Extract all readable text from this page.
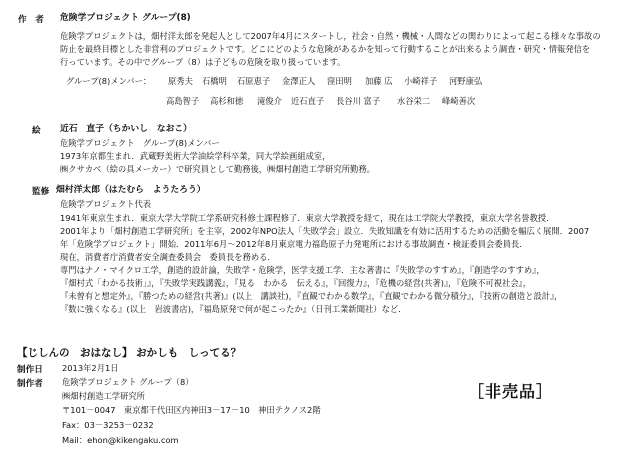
作　者 危険学プロジェクト グループ(8)
危険学プロジェクトは，畑村洋太郎を発起人として2007年4月にスタートし，社会・自然・機械・人間などの関わりによって起こる様々な事故の
防止を最終目標とした非営利のプロジェクトです。どこにどのような危険があるかを知って行動することが出来るよう調査・研究・情報発信を
行っています。その中でグループ（8）は子どもの危険を取り扱っています。
グループ(8)メンバー： 原秀夫 石橋明 石原恵子 金澤正人 窪田明 加藤 広 小崎祥子 河野康弘
高島智子 高杉和徳 滝俊介 近石直子 長谷川 富子 水谷栄二 峰崎善次
絵 近石　直子（ちかいし　なおこ）
危険学プロジェクト　グループ(8)メンバー
1973年京都生まれ．武蔵野美術大学油絵学科卒業，同大学絵画組成室，
㈱クサカベ（絵の具メーカー）で研究員として勤務後，㈱畑村創造工学研究所勤務。
監修 畑村洋太郎（はたむら　ようたろう）
危険学プロジェクト代表
1941年東京生まれ．東京大学大学院工学系研究科修士課程修了．東京大学教授を経て，現在は工学院大学教授，東京大学名誉教授．
2001年より「畑村創造工学研究所」を主宰，2002年NPO法人「失敗学会」設立．失敗知識を有効に活用するための活動を幅広く展開．2007
年「危険学プロジェクト」開始．2011年6月～2012年8月東京電力福島原子力発電所における事故調査・検証委員会委員長．
現在，消費者庁消費者安全調査委員会　委員長を務める．
専門はナノ・マイクロ工学，創造的設計論，失敗学・危険学，医学支援工学．主な著書に『失敗学のすすめ』，『創造学のすすめ』，
『畑村式「わかる技術」』，『失敗学実践講義』，『見る　わかる　伝える』，『回復力』，『危機の経営(共著)』，『危険不可視社会』，
『未曾有と想定外』，『勝つための経営(共著)』(以上　講談社)，『直観でわかる数学』，『直観でわかる微分積分』，『技術の創造と設計』，
『数に強くなる』(以上　岩波書店)，『福島原発で何が起こったか』（日刊工業新聞社）など．
【じしんの　おはなし】 おかしも　しってる？
制作日 2013年2月1日
制作者 危険学プロジェクト グループ（8）
㈱畑村創造工学研究所
〒101－0047　東京都千代田区内神田3－17－10　神田テクノス2階
Fax：03－3253－0232
Mail：ehon@kikengaku.com
［非売品］
